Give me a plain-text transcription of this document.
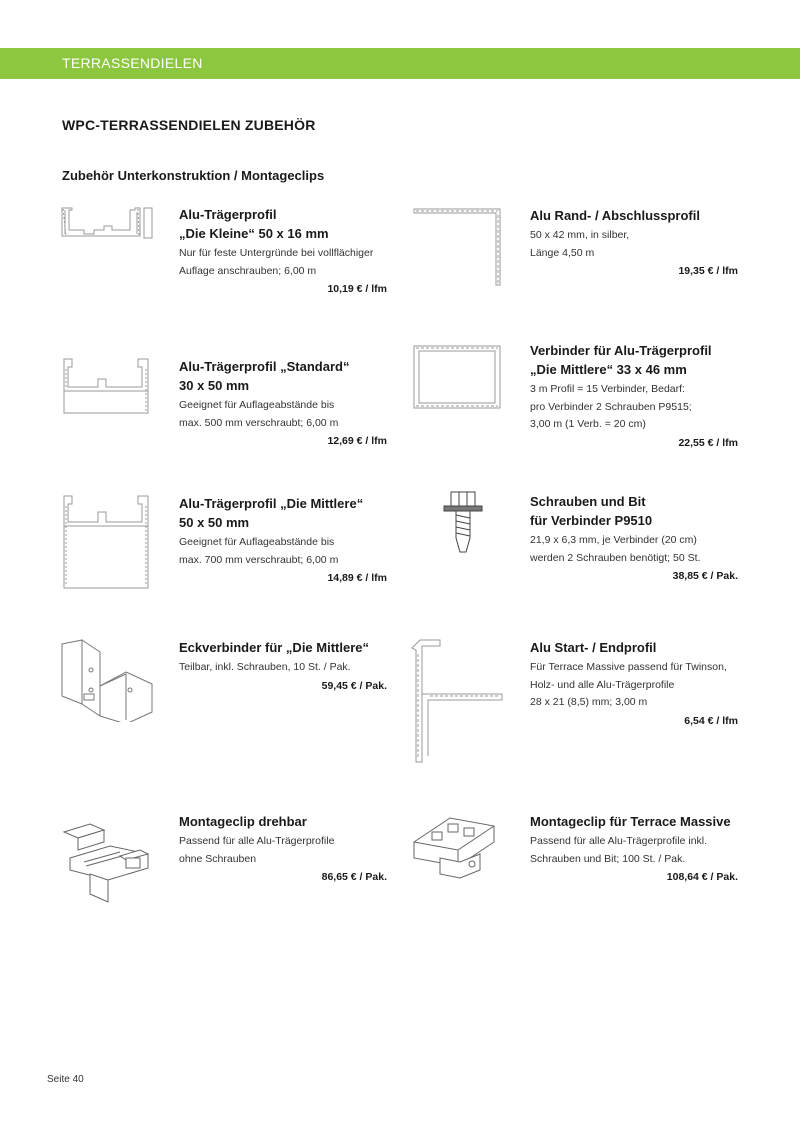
TERRASSENDIELEN
WPC-TERRASSENDIELEN ZUBEHÖR
Zubehör Unterkonstruktion / Montageclips
Alu-Trägerprofil
„Die Kleine“ 50 x 16 mm
Nur für feste Untergründe bei vollflächiger
Auflage anschrauben; 6,00 m
10,19 € / lfm
Alu Rand- / Abschlussprofil
50 x 42 mm, in silber,
Länge 4,50 m
19,35 € / lfm
Alu-Trägerprofil „Standard“
30 x 50 mm
Geeignet für Auflageabstände bis
max. 500 mm verschraubt; 6,00 m
12,69 € / lfm
Verbinder für Alu-Trägerprofil
„Die Mittlere“ 33 x 46 mm
3 m Profil = 15 Verbinder, Bedarf:
pro Verbinder 2 Schrauben P9515;
3,00 m (1 Verb. = 20 cm)
22,55 € / lfm
Alu-Trägerprofil „Die Mittlere“
50 x 50 mm
Geeignet für Auflageabstände bis
max. 700 mm verschraubt; 6,00 m
14,89 € / lfm
Schrauben und Bit
für Verbinder P9510
21,9 x 6,3 mm, je Verbinder (20 cm)
werden 2 Schrauben benötigt; 50 St.
38,85 € / Pak.
Eckverbinder für „Die Mittlere“
Teilbar, inkl. Schrauben, 10 St. / Pak.
59,45 € / Pak.
Alu Start- / Endprofil
Für Terrace Massive passend für Twinson,
Holz- und alle Alu-Trägerprofile
28 x 21 (8,5) mm; 3,00 m
6,54 € / lfm
Montageclip drehbar
Passend für alle Alu-Trägerprofile
ohne Schrauben
86,65 € / Pak.
Montageclip für Terrace Massive
Passend für alle Alu-Trägerprofile inkl.
Schrauben und Bit; 100 St. / Pak.
108,64 € / Pak.
Seite 40
